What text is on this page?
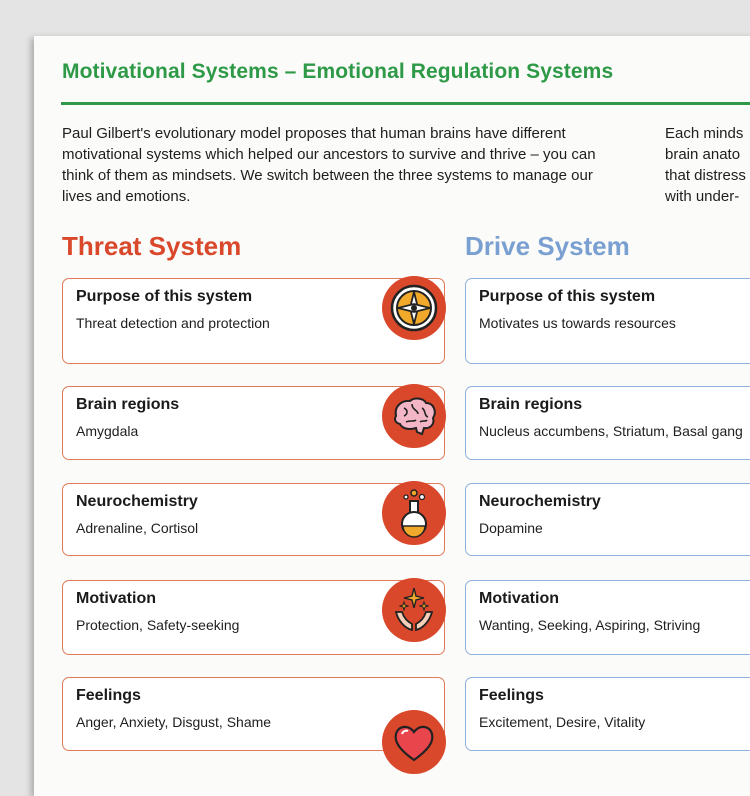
Motivational Systems – Emotional Regulation Systems
Paul Gilbert's evolutionary model proposes that human brains have different
motivational systems which helped our ancestors to survive and thrive – you can
think of them as mindsets. We switch between the three systems to manage our
lives and emotions.
Each minds
brain anato
that distress
with under-
Threat System	Drive System
Purpose of this system
Threat detection and protection
Brain regions
Amygdala
Neurochemistry
Adrenaline, Cortisol
Motivation
Protection, Safety-seeking
Feelings
Anger, Anxiety, Disgust, Shame
Purpose of this system
Motivates us towards resources
Brain regions
Nucleus accumbens, Striatum, Basal gang
Neurochemistry
Dopamine
Motivation
Wanting, Seeking, Aspiring, Striving
Feelings
Excitement, Desire, Vitality
